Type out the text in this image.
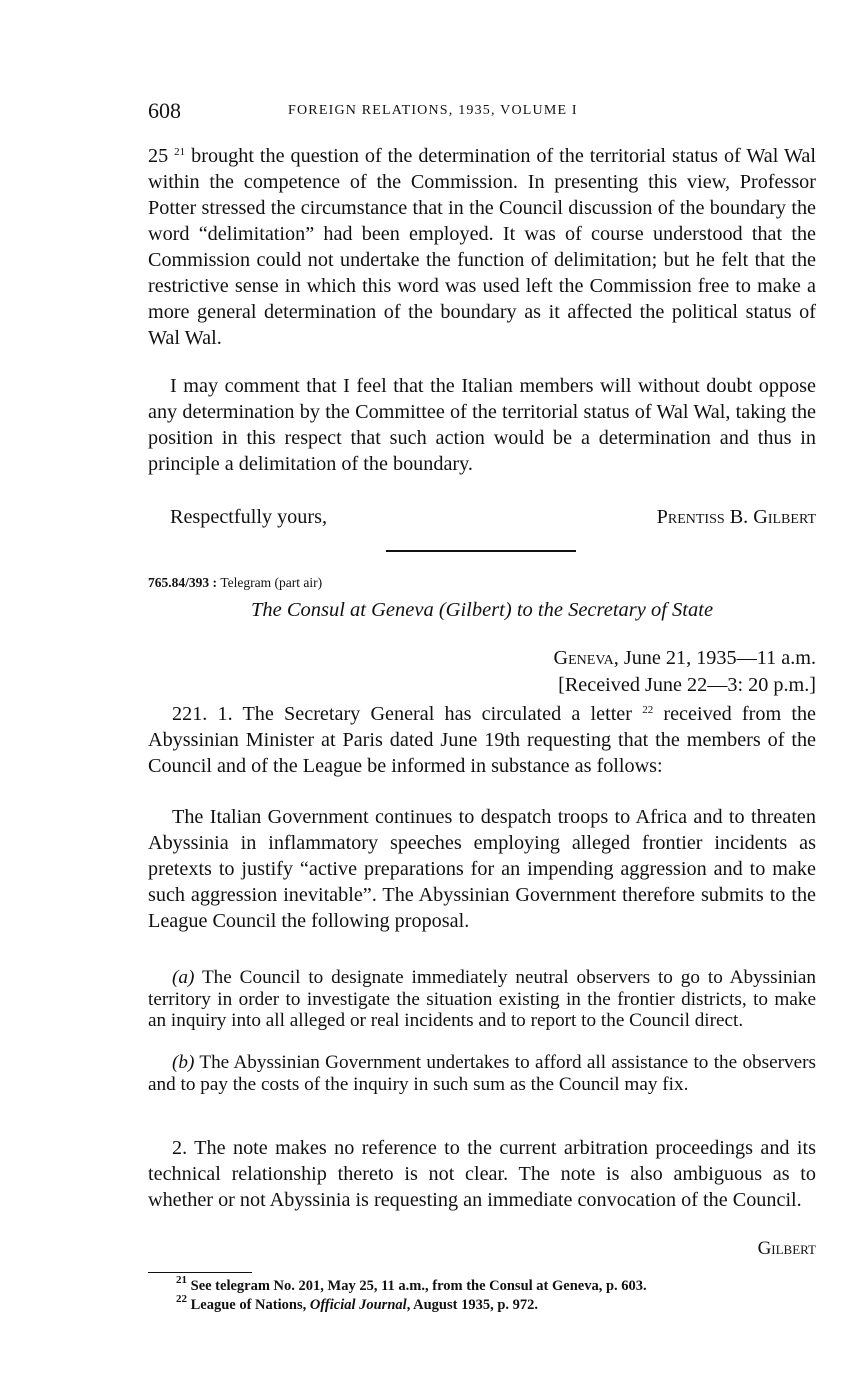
608	FOREIGN RELATIONS, 1935, VOLUME I
25 $^{21}$ brought the question of the determination of the territorial status of Wal Wal within the competence of the Commission. In presenting this view, Professor Potter stressed the circumstance that in the Council discussion of the boundary the word “delimitation” had been employed. It was of course understood that the Commission could not undertake the function of delimitation; but he felt that the restrictive sense in which this word was used left the Commission free to make a more general determination of the boundary as it affected the political status of Wal Wal.
I may comment that I feel that the Italian members will without doubt oppose any determination by the Committee of the territorial status of Wal Wal, taking the position in this respect that such action would be a determination and thus in principle a delimitation of the boundary.
Respectfully yours,	Prentiss B. Gilbert
765.84/393 : Telegram (part air)
The Consul at Geneva (Gilbert) to the Secretary of State
Geneva, June 21, 1935—11 a.m.
[Received June 22—3: 20 p.m.]
221. 1. The Secretary General has circulated a letter $^{22}$ received from the Abyssinian Minister at Paris dated June 19th requesting that the members of the Council and of the League be informed in substance as follows:
The Italian Government continues to despatch troops to Africa and to threaten Abyssinia in inflammatory speeches employing alleged frontier incidents as pretexts to justify “active preparations for an impending aggression and to make such aggression inevitable”. The Abyssinian Government therefore submits to the League Council the following proposal.
(a) The Council to designate immediately neutral observers to go to Abyssinian territory in order to investigate the situation existing in the frontier districts, to make an inquiry into all alleged or real incidents and to report to the Council direct.
(b) The Abyssinian Government undertakes to afford all assistance to the observers and to pay the costs of the inquiry in such sum as the Council may fix.
2. The note makes no reference to the current arbitration proceedings and its technical relationship thereto is not clear. The note is also ambiguous as to whether or not Abyssinia is requesting an immediate convocation of the Council.
Gilbert
$^{21}$ See telegram No. 201, May 25, 11 a.m., from the Consul at Geneva, p. 603.
$^{22}$ League of Nations, Official Journal, August 1935, p. 972.
